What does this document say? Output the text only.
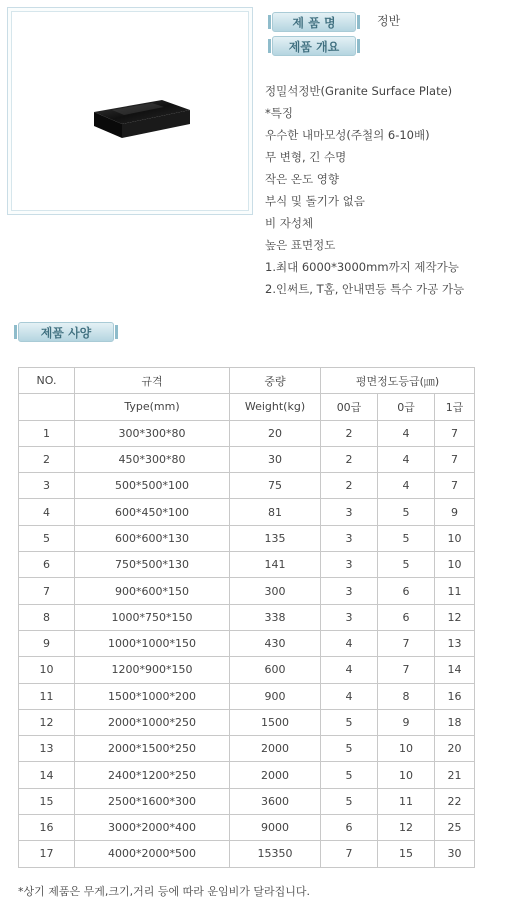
제 품 명	정반
제품 개요
정밀석정반(Granite Surface Plate)
*특징
우수한 내마모성(주철의 6-10배)
무 변형, 긴 수명
작은 온도 영향
부식 및 돌기가 없음
비 자성체
높은 표면정도
1.최대 6000*3000mm까지 제작가능
2.인써트, T홈, 안내면등 특수 가공 가능
제품 사양
NO.	규격	중량	평면정도등급(㎛)		
	Type(mm)	Weight(kg)	00급	0급	1급
1	300*300*80	20	2	4	7
2	450*300*80	30	2	4	7
3	500*500*100	75	2	4	7
4	600*450*100	81	3	5	9
5	600*600*130	135	3	5	10
6	750*500*130	141	3	5	10
7	900*600*150	300	3	6	11
8	1000*750*150	338	3	6	12
9	1000*1000*150	430	4	7	13
10	1200*900*150	600	4	7	14
11	1500*1000*200	900	4	8	16
12	2000*1000*250	1500	5	9	18
13	2000*1500*250	2000	5	10	20
14	2400*1200*250	2000	5	10	21
15	2500*1600*300	3600	5	11	22
16	3000*2000*400	9000	6	12	25
17	4000*2000*500	15350	7	15	30
*상기 제품은 무게,크기,거리 등에 따라 운임비가 달라집니다.
